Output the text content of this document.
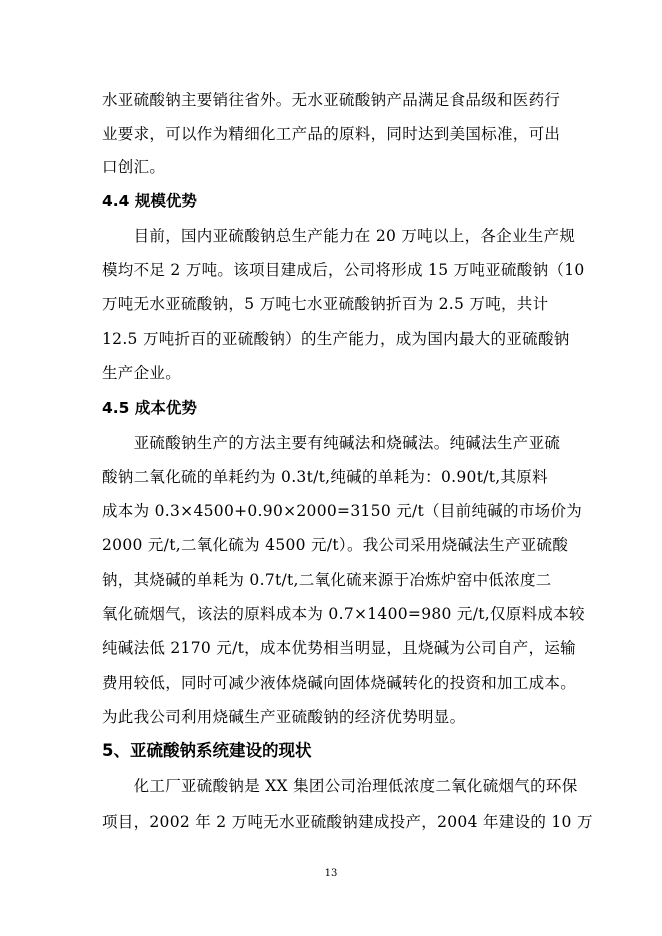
水亚硫酸钠主要销往省外。无水亚硫酸钠产品满足食品级和医药行
业要求，可以作为精细化工产品的原料，同时达到美国标准，可出
口创汇。
4.4 规模优势
　　目前，国内亚硫酸钠总生产能力在 20 万吨以上，各企业生产规
模均不足 2 万吨。该项目建成后，公司将形成 15 万吨亚硫酸钠（10
万吨无水亚硫酸钠，5 万吨七水亚硫酸钠折百为 2.5 万吨，共计
12.5 万吨折百的亚硫酸钠）的生产能力，成为国内最大的亚硫酸钠
生产企业。
4.5 成本优势
　　亚硫酸钠生产的方法主要有纯碱法和烧碱法。纯碱法生产亚硫
酸钠二氧化硫的单耗约为 0.3t/t,纯碱的单耗为：0.90t/t,其原料
成本为 0.3×4500+0.90×2000=3150 元/t（目前纯碱的市场价为
2000 元/t,二氧化硫为 4500 元/t）。我公司采用烧碱法生产亚硫酸
钠，其烧碱的单耗为 0.7t/t,二氧化硫来源于冶炼炉窑中低浓度二
氧化硫烟气，该法的原料成本为 0.7×1400=980 元/t,仅原料成本较
纯碱法低 2170 元/t，成本优势相当明显，且烧碱为公司自产，运输
费用较低，同时可减少液体烧碱向固体烧碱转化的投资和加工成本。
为此我公司利用烧碱生产亚硫酸钠的经济优势明显。
5、亚硫酸钠系统建设的现状
　　化工厂亚硫酸钠是 XX 集团公司治理低浓度二氧化硫烟气的环保
项目，2002 年 2 万吨无水亚硫酸钠建成投产，2004 年建设的 10 万
13
